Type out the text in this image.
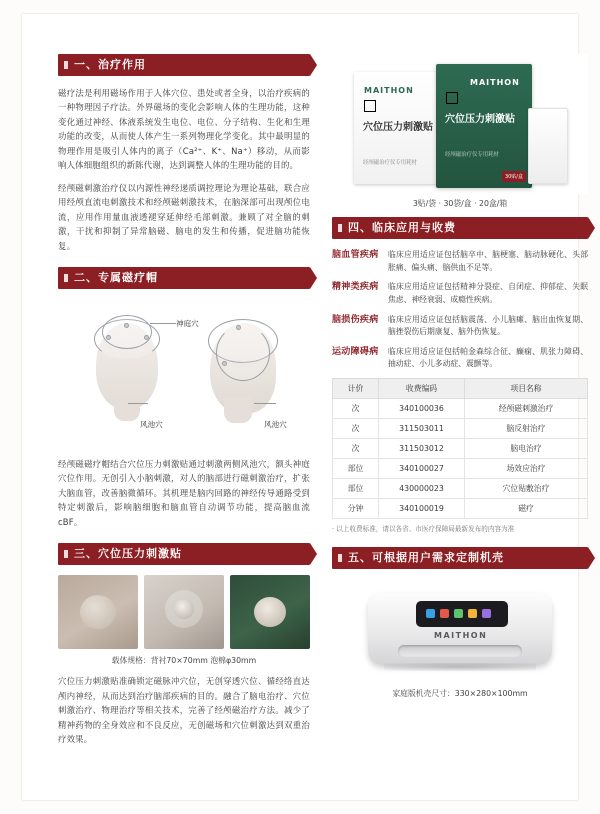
一、治疗作用

磁疗法是利用磁场作用于人体穴位、患处或者全身，以治疗疾病的一种物理因子疗法。外界磁场的变化会影响人体的生理功能，这种变化通过神经、体液系统发生电位、电位、分子结构、生化和生理功能的改变，从而使人体产生一系列物理化学变化。其中最明显的物理作用是吸引人体内的离子（Ca²⁺、K⁺、Na⁺）移动，从而影响人体细胞组织的新陈代谢，达到调整人体的生理功能的目的。

经颅磁刺激治疗仪以内源性神经递质调控理论为理论基础，联合应用经颅直流电刺激技术和经颅磁刺激技术，在脑深部可出现颅位电流，应用作用量血液透褪穿延伸经毛部刺激。兼顾了对全脑的刺激，干扰和抑制了异常脑磁、脑电的发生和传播，促进脑功能恢复。

二、专属磁疗帽
神庭穴
风池穴	风池穴

经颅磁磁疗帽结合穴位压力刺激贴通过刺激两侧风池穴，额头神庭穴位作用。无创引入小脑刺激，对人的脑部进行磁刺激治疗，扩张大脑血管，改善脑微循环。其机理是脑内回路的神经传导通路受到特定刺激后，影响脑细胞和脑血管自动调节功能，提高脑血流cBF。

三、穴位压力刺激贴
载体规格：背衬70×70mm 泡棉φ30mm

穴位压力刺激贴准确锁定磁脉冲穴位，无创穿透穴位、循经络直达颅内神经，从而达到治疗脑部疾病的目的。融合了脑电治疗、穴位刺激治疗、物理治疗等相关技术，完善了经颅磁治疗方法。减少了精神药物的全身效应和不良反应，无创磁场和穴位刺激达到双重治疗效果。

MAITHON
穴位压力刺激贴
经颅磁治疗仪专用耗材
MAITHON
穴位压力刺激贴
经颅磁治疗仪专用耗材
30贴/盒
3贴/袋 · 30袋/盒 · 20盒/箱
四、临床应用与收费
脑血管疾病	临床应用适应证包括脑卒中、脑梗塞、脑动脉硬化、头部胀痛、偏头痛、脑供血不足等。
精神类疾病	临床应用适应证包括精神分裂症、自闭症、抑郁症、失眠焦虑、神经衰弱、成瘾性疾病。
脑损伤疾病	临床应用适应证包括脑震荡、小儿脑瘫、脑出血恢复期、脑挫裂伤后期康复、脑外伤恢复。
运动障碍病	临床应用适应证包括帕金森综合征、癫痫、肌张力障碍、抽动症、小儿多动症、震颤等。
计价	收费编码	项目名称
次	340100036	经颅磁刺激治疗
次	311503011	脑反射治疗
次	311503012	脑电治疗
部位	340100027	场效应治疗
部位	430000023	穴位贴敷治疗
分钟	340100019	磁疗
· 以上收费标准，请以各省、市医疗保障局最新发布的内容为准
五、可根据用户需求定制机壳
MAITHON
家庭版机壳尺寸：330×280×100mm
